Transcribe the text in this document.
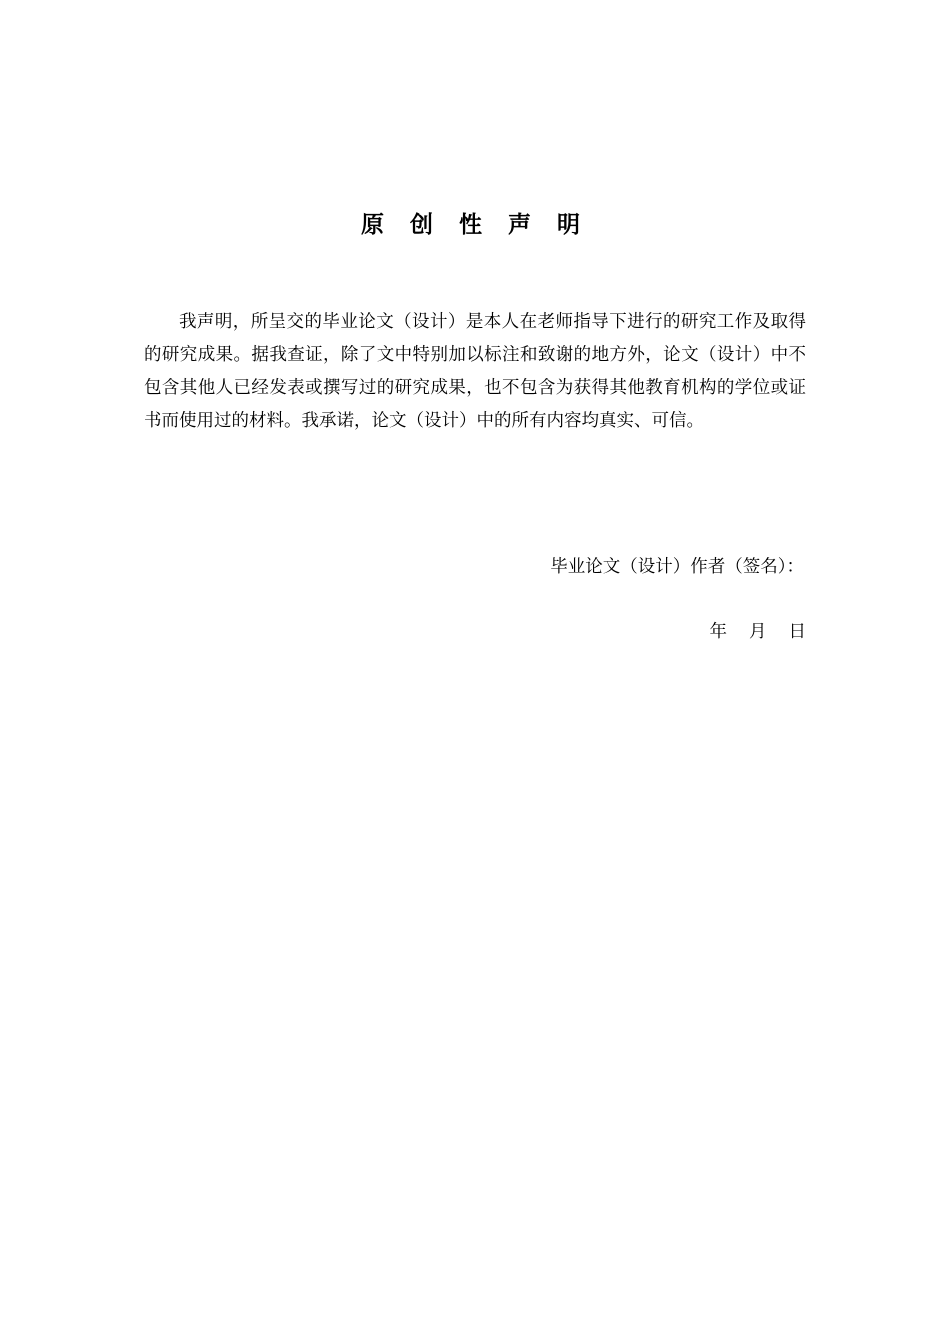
原 创 性 声 明

我声明，所呈交的毕业论文（设计）是本人在老师指导下进行的研究工作及取得的研究成果。据我查证，除了文中特别加以标注和致谢的地方外，论文（设计）中不包含其他人已经发表或撰写过的研究成果，也不包含为获得其他教育机构的学位或证书而使用过的材料。我承诺，论文（设计）中的所有内容均真实、可信。

毕业论文（设计）作者（签名）：
年 月 日
